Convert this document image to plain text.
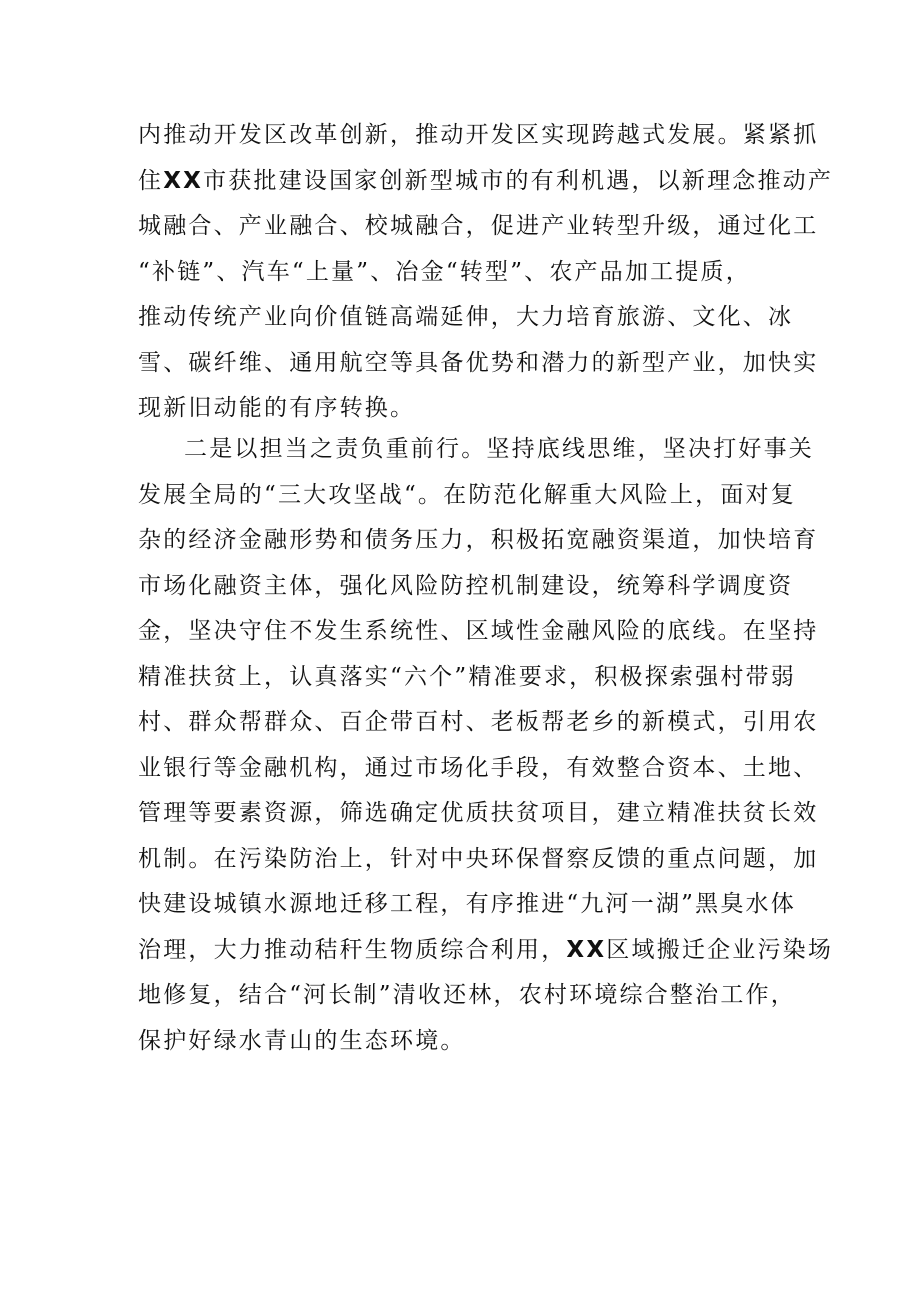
内推动开发区改革创新，推动开发区实现跨越式发展。紧紧抓
住XX市获批建设国家创新型城市的有利机遇，以新理念推动产
城融合、产业融合、校城融合，促进产业转型升级，通过化工
“补链”、汽车“上量”、冶金“转型”、农产品加工提质，
推动传统产业向价值链高端延伸，大力培育旅游、文化、冰
雪、碳纤维、通用航空等具备优势和潜力的新型产业，加快实
现新旧动能的有序转换。
二是以担当之责负重前行。坚持底线思维，坚决打好事关
发展全局的“三大攻坚战“。在防范化解重大风险上，面对复
杂的经济金融形势和债务压力，积极拓宽融资渠道，加快培育
市场化融资主体，强化风险防控机制建设，统筹科学调度资
金，坚决守住不发生系统性、区域性金融风险的底线。在坚持
精准扶贫上，认真落实“六个”精准要求，积极探索强村带弱
村、群众帮群众、百企带百村、老板帮老乡的新模式，引用农
业银行等金融机构，通过市场化手段，有效整合资本、土地、
管理等要素资源，筛选确定优质扶贫项目，建立精准扶贫长效
机制。在污染防治上，针对中央环保督察反馈的重点问题，加
快建设城镇水源地迁移工程，有序推进“九河一湖”黑臭水体
治理，大力推动秸秆生物质综合利用，XX区域搬迁企业污染场
地修复，结合“河长制”清收还林，农村环境综合整治工作，
保护好绿水青山的生态环境。
